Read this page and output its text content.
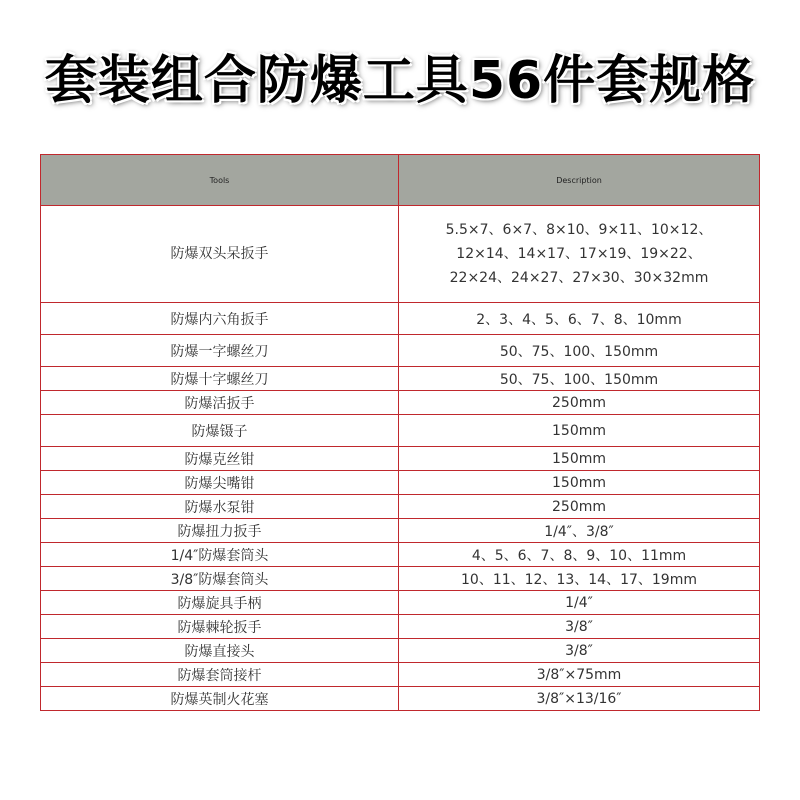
套装组合防爆工具56件套规格
Tools	Description
防爆双头呆扳手	5.5×7、6×7、8×10、9×11、10×12、
12×14、14×17、17×19、19×22、
22×24、24×27、27×30、30×32mm

防爆内六角扳手	2、3、4、5、6、7、8、10mm
防爆一字螺丝刀	50、75、100、150mm
防爆十字螺丝刀	50、75、100、150mm
防爆活扳手	250mm
防爆镊子	150mm
防爆克丝钳	150mm
防爆尖嘴钳	150mm
防爆水泵钳	250mm
防爆扭力扳手	1/4″、3/8″
1/4″防爆套筒头	4、5、6、7、8、9、10、11mm
3/8″防爆套筒头	10、11、12、13、14、17、19mm
防爆旋具手柄	1/4″
防爆棘轮扳手	3/8″
防爆直接头	3/8″
防爆套筒接杆	3/8″×75mm
防爆英制火花塞	3/8″×13/16″
